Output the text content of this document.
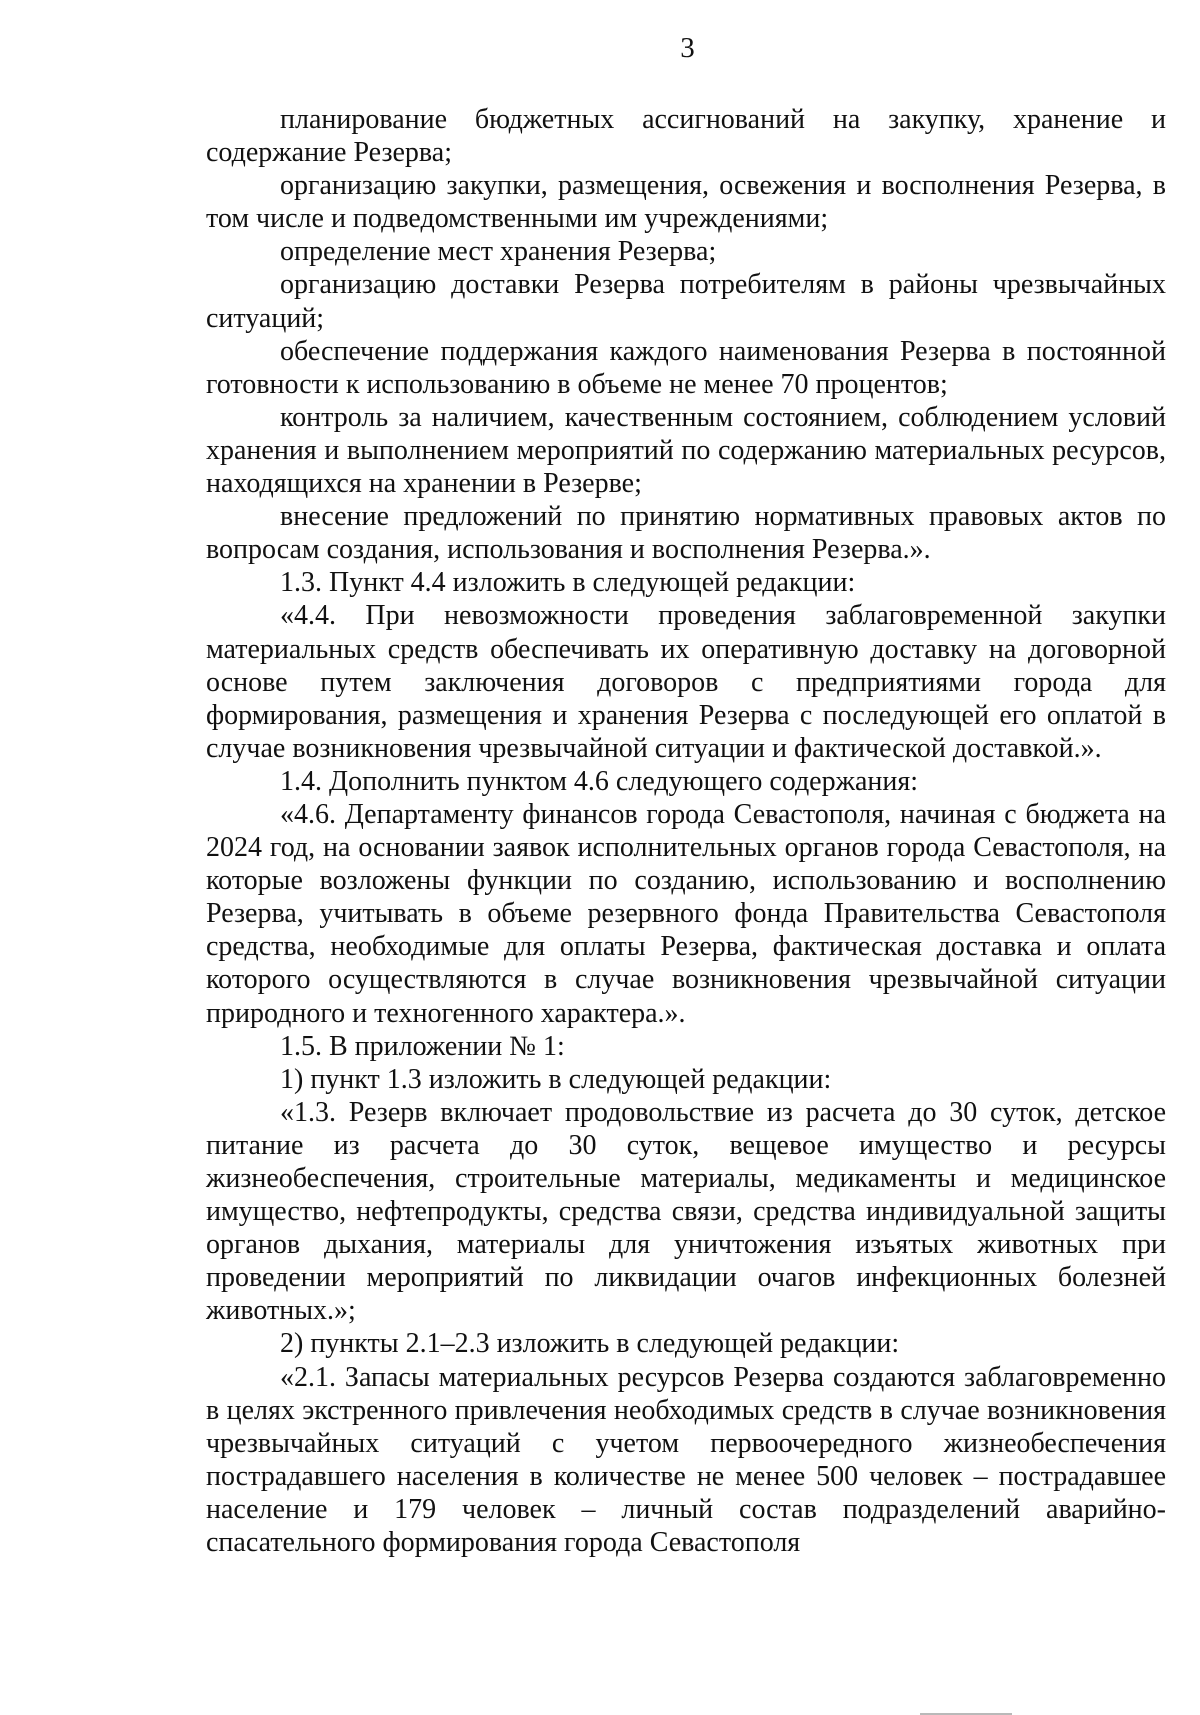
3

планирование бюджетных ассигнований на закупку, хранение и содержание Резерва;

организацию закупки, размещения, освежения и восполнения Резерва, в том числе и подведомственными им учреждениями;

определение мест хранения Резерва;

организацию доставки Резерва потребителям в районы чрезвычайных ситуаций;

обеспечение поддержания каждого наименования Резерва в постоянной готовности к использованию в объеме не менее 70 процентов;

контроль за наличием, качественным состоянием, соблюдением условий хранения и выполнением мероприятий по содержанию материальных ресурсов, находящихся на хранении в Резерве;

внесение предложений по принятию нормативных правовых актов по вопросам создания, использования и восполнения Резерва.».

1.3. Пункт 4.4 изложить в следующей редакции:

«4.4. При невозможности проведения заблаговременной закупки материальных средств обеспечивать их оперативную доставку на договорной основе путем заключения договоров с предприятиями города для формирования, размещения и хранения Резерва с последующей его оплатой в случае возникновения чрезвычайной ситуации и фактической доставкой.».

1.4. Дополнить пунктом 4.6 следующего содержания:

«4.6. Департаменту финансов города Севастополя, начиная с бюджета на 2024 год, на основании заявок исполнительных органов города Севастополя, на которые возложены функции по созданию, использованию и восполнению Резерва, учитывать в объеме резервного фонда Правительства Севастополя средства, необходимые для оплаты Резерва, фактическая доставка и оплата которого осуществляются в случае возникновения чрезвычайной ситуации природного и техногенного характера.».

1.5. В приложении № 1:

1) пункт 1.3 изложить в следующей редакции:

«1.3. Резерв включает продовольствие из расчета до 30 суток, детское питание из расчета до 30 суток, вещевое имущество и ресурсы жизнеобеспечения, строительные материалы, медикаменты и медицинское имущество, нефтепродукты, средства связи, средства индивидуальной защиты органов дыхания, материалы для уничтожения изъятых животных при проведении мероприятий по ликвидации очагов инфекционных болезней животных.»;

2) пункты 2.1–2.3 изложить в следующей редакции:

«2.1. Запасы материальных ресурсов Резерва создаются заблаговременно в целях экстренного привлечения необходимых средств в случае возникновения чрезвычайных ситуаций с учетом первоочередного жизнеобеспечения пострадавшего населения в количестве не менее 500 человек – пострадавшее население и 179 человек – личный состав подразделений аварийно-спасательного формирования города Севастополя
